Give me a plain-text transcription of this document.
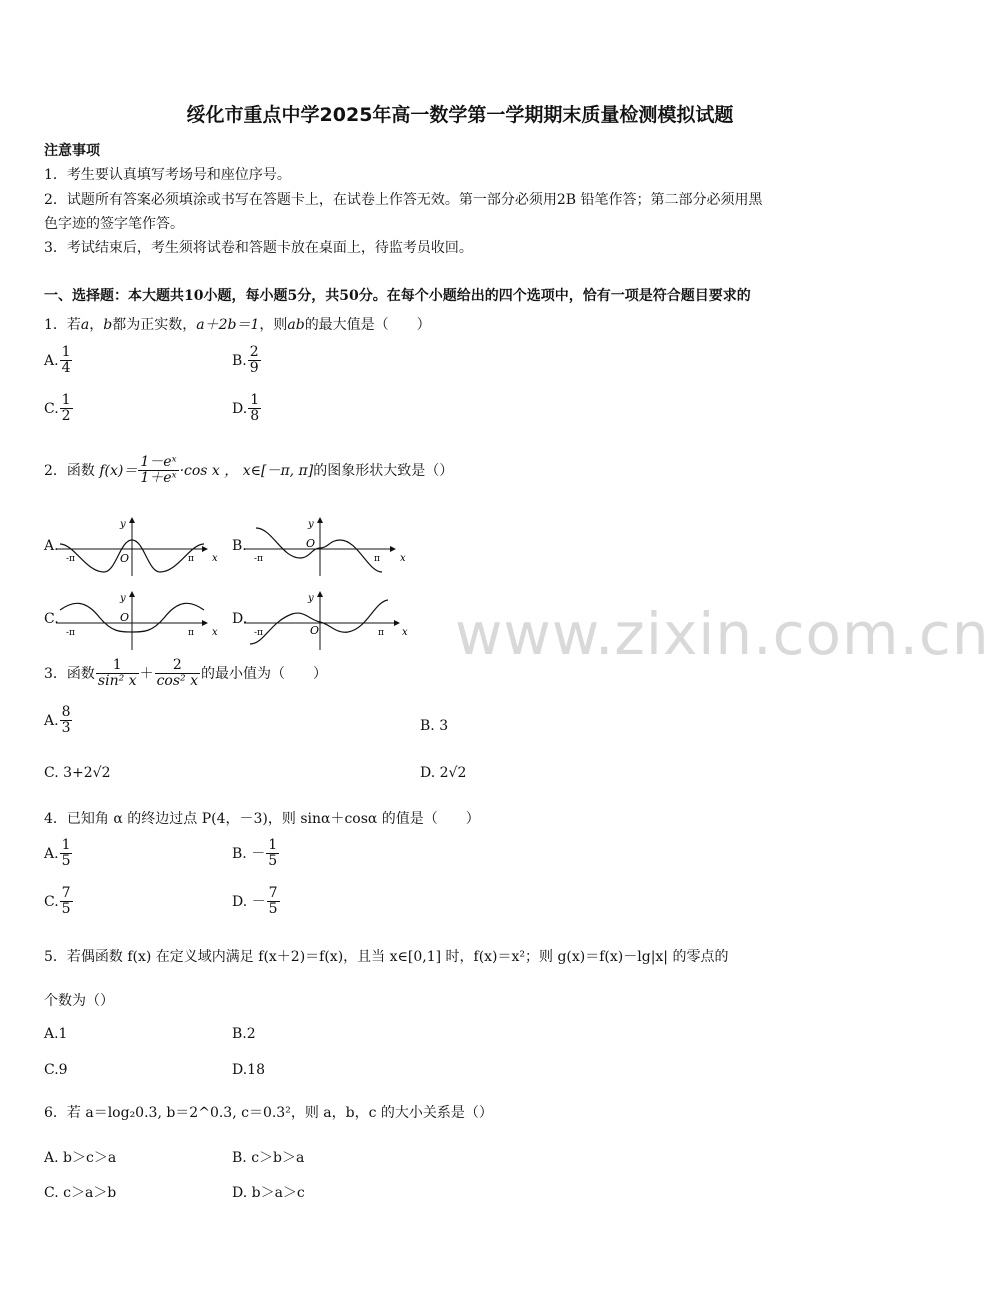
绥化市重点中学2025年高一数学第一学期期末质量检测模拟试题
注意事项
1．考生要认真填写考场号和座位序号。
2．试题所有答案必须填涂或书写在答题卡上，在试卷上作答无效。第一部分必须用2B 铅笔作答；第二部分必须用黑
色字迹的签字笔作答。
3．考试结束后，考生须将试卷和答题卡放在桌面上，待监考员收回。
一、选择题：本大题共10小题，每小题5分，共50分。在每个小题给出的四个选项中，恰有一项是符合题目要求的
1．若a，b都为正实数，a＋2b＝1，则ab的最大值是（　　）
A. $\frac{1}{4}$	B. $\frac{2}{9}$
C. $\frac{1}{2}$	D. $\frac{1}{8}$
2．函数 $f(x)= \frac{\text{1－eˣ}}{\text{1＋eˣ}} \cdot\cos$ x ， x∈[－π, π]的图象形状大致是（）
A.	B.
C.	D.
y
x
O
-π	π
y
x
O
-π	π
y
x
O
-π	π
y
x
O
-π	π
3．函数 $\frac{1}{\text{sin² x}} + \frac{2}{\text{cos² x}}$ 的最小值为（　　）
A. $\frac{8}{3}$	B. 3
C. 3+2√2	D. 2√2
4．已知角 α 的终边过点 P(4，－3)，则 sinα＋cosα 的值是（　　）
A. $\frac{1}{5}$	B. － $\frac{1}{5}$
C. $\frac{7}{5}$	D. － $\frac{7}{5}$
5．若偶函数 f(x) 在定义域内满足 f(x＋2)＝f(x)，且当 x∈[0,1] 时，f(x)＝x²；则 g(x)＝f(x)－lg|x| 的零点的
个数为（）
A.1	B.2
C.9	D.18
6．若 a＝log₂0.3, b＝2^0.3, c＝0.3²，则 a，b，c 的大小关系是（）
A. b＞c＞a	B. c＞b＞a
C. c＞a＞b	D. b＞a＞c
www.zixin.com.cn
